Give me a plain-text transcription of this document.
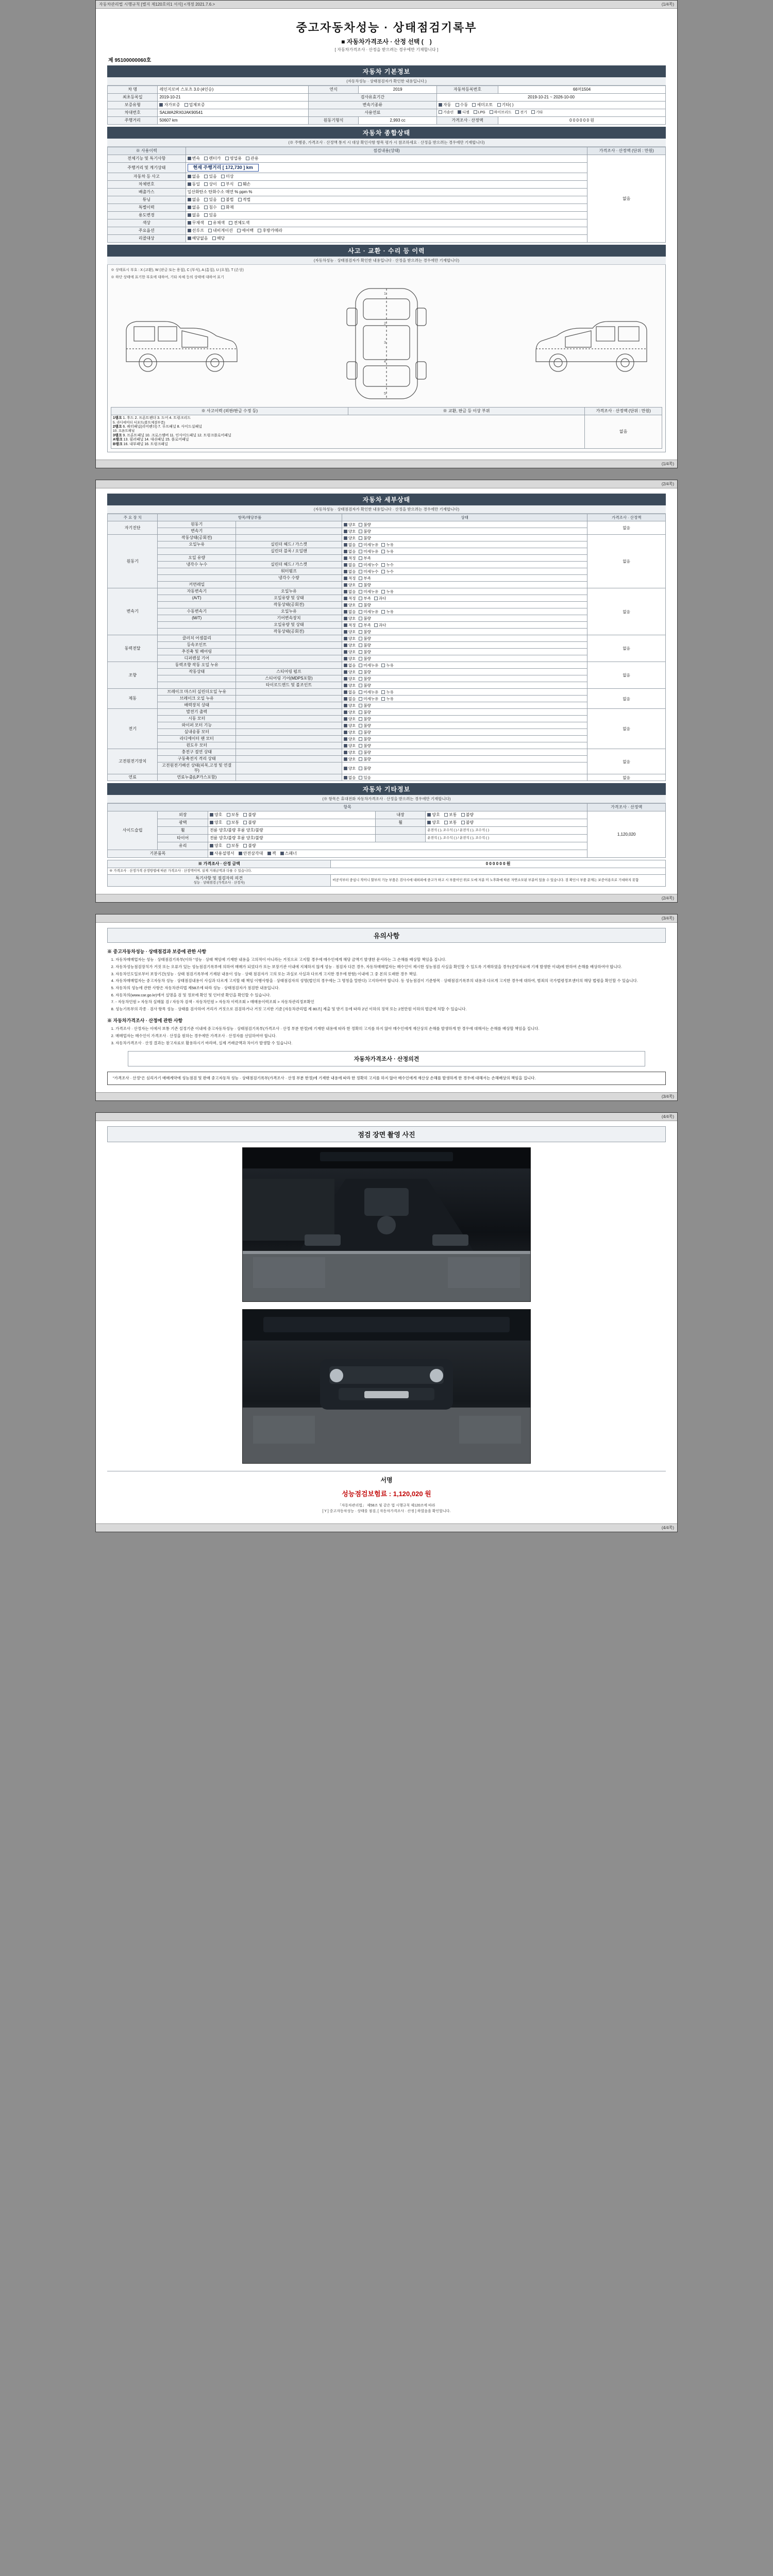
자동차관리법 시행규칙 [별지 제120호의1 서식] <개정 2021.7.6.>	(1/4쪽)
중고자동차성능 · 상태점검기록부
■ 자동차가격조사 · 산정 선택 (　)
[ 자동차가격조사 · 산정을 받으려는 경우에만 기재합니다 ]
제 95100000060호
자동차 기본정보
(자동차성능 · 상태점검자가 확인한 내용입니다.)
차 명	레인지로버 스포츠 3.0 (4인승)	연식	2019	자동차등록번호	66머1504
최초등록일	2019-10-21	검사유효기간		2019-10-21 ~ 2026-10-00	
보증유형	자가보증 업체보증	변속기종류		자동 수동 세미오토 기타( )	
차대번호	SALWA2RX0JAK90541	사용연료		가솔린 디젤 LPG 하이브리드 전기 기타	
주행거리	50607 km	원동기형식	2,993 cc	가격조사 · 산정액	0 0 0 0 0 0 원
자동차 종합상태
(※ 주행중, 가격조사 · 산정액 통지 시 대상 확인사항 항목 평가 시 참조하세요 · 산정을 받으려는 경우에만 기재합니다)
※ 사용이력	점검내용(상태)	가격조사 · 산정액 (단위 : 만원)
전체기능 및 특기사항	변속 렌터카 영업용 관용	없음
주행거리 및 계기상태	현재 주행거리 [ 172,730 ] km	
자동차 등 사고	없음 있음 미상	
차체번호	동일 상이 부식 훼손	
배출가스	일산화탄소 탄화수소 매연 % ppm %	
튜닝	없음 있음 불법 적법	
특별이력	없음 침수 화재	
용도변경	없음 있음	
색상	무채색 유채색 전체도색	
주요옵션	선루프 내비게이션 에어백 후방카메라	
리콜대상	해당없음 해당	
사고 · 교환 · 수리 등 이력
(자동차성능 · 상태점검자가 확인한 내용입니다 · 산정을 받으려는 경우에만 기재합니다)
※ 상태표시 부호 : X (교환), W (판금 또는 용접), C (부식), A (흠집), U (요철), T (손상)
※ 하단 상태에 표기한 부호에 대하여, 기타 차체 등의 상태에 대하여 표기
1
2
3
4
5
※ 사고이력 (외판/판금 수정 등)	※ 교환, 판금 등 이상 부위	가격조사 · 산정액 (단위 : 만원)

1랭크 1. 후드 2. 프론트펜더 3. 도어 4. 트렁크리드
5. 라디에이터 서포트(볼트체결부품)
2랭크 6. 쿼터패널(리어펜더) 7. 루프패널 8. 사이드실패널
10. 프론트패널
3랭크 9. 프론트패널 10. 크로스멤버 11. 인사이드패널 12. 트렁크플로어패널
A랭크 13. 필러패널 14. 대쉬패널 15. 플로어패널
B랭크 16. 내부패널 16. 트렁크패널
	없음
(1/4쪽)
(2/4쪽)
자동차 세부상태
(자동차성능 · 상태점검자가 확인한 내용입니다 · 산정을 받으려는 경우에만 기재합니다)
주 요 장 치	항목/해당부품		상태	가격조사 · 산정액
자기진단	원동기		양호 불량	없음
	변속기		양호 불량	
원동기	작동상태(공회전)		양호 불량	없음
	오일누유	실린더 헤드 / 가스켓	없음 미세누유 누유	
		실린더 블록 / 오일팬	없음 미세누유 누유	
	오일 유량		적정 부족	
	냉각수 누수	실린더 헤드 / 가스켓	없음 미세누수 누수	
		워터펌프	없음 미세누수 누수	
		냉각수 수량	적정 부족	
	커먼레일		양호 불량	
변속기	자동변속기	오일누유	없음 미세누유 누유	없음
	(A/T)	오일유량 및 상태	적정 부족 과다	
		작동상태(공회전)	양호 불량	
	수동변속기	오일누유	없음 미세누유 누유	
	(M/T)	기어변속장치	양호 불량	
		오일유량 및 상태	적정 부족 과다	
		작동상태(공회전)	양호 불량	
동력전달	클러치 어셈블리		양호 불량	없음
	등속조인트		양호 불량	
	추진축 및 베어링		양호 불량	
	디퍼렌셜 기어		양호 불량	
조향	동력조향 작동 오일 누유		없음 미세누유 누유	없음
	작동상태	스티어링 펌프	양호 불량	
		스티어링 기어(MDPS포함)	양호 불량	
		타이로드엔드 및 볼조인트	양호 불량	
제동	브레이크 마스터 실린더오일 누유		없음 미세누유 누유	없음
	브레이크 오일 누유		없음 미세누유 누유	
	배력장치 상태		양호 불량	
전기	발전기 출력		양호 불량	없음
	시동 모터		양호 불량	
	와이퍼 모터 기능		양호 불량	
	실내송풍 모터		양호 불량	
	라디에이터 팬 모터		양호 불량	
	윈도우 모터		양호 불량	
고전원전기장치	충전구 절연 상태		양호 불량	없음
	구동축전지 격리 상태		양호 불량	
	고전원전기배선 상태(피복,고정 및 연결부)		양호 불량	
연료	연료누출(LP가스포함)		없음 있음	없음
자동차 기타정보
(※ 항목은 휴대전화 자동차가격조사 · 산정을 받으려는 경우에만 기재합니다)
항목					가격조사 · 산정액
사이드슬립	외장	양호 보통 불량	내장	양호 보통 불량	1,120,020
	광택	양호 보통 불량	휠	양호 보통 불량	
	휠	전륜 양호/불량 후륜 양호/불량		운전석 ( ), 조수석 ( ) / 운전석 ( ), 조수석 ( )	
	타이어	전륜 양호/불량 후륜 양호/불량		운전석 ( ), 조수석 ( ) / 운전석 ( ), 조수석 ( )	
	유리	양호 보통 불량			
기본품목		사용설명서 안전삼각대 잭 스패너			
※ 가격조사 · 산정 금액	0 0 0 0 0 0 원
※ 가격조사 · 산정가격 산정방법에 따른 가격조사 · 산정액이며, 실제 거래금액과 다를 수 있습니다.	

특기사항 및 점검자의 의견
성능 · 상태점검 (가격조사 · 산정자)	비공식부터 중심니 적이니 할부의 기능 부품은 검사시에 내외피에 중고가 하고 시 부품이인 위로 도에 저분 미 노후화에 따른 자연소모된 부분이 있을 수 있습니다. 검 확인시 부품 문제는 보증이용으로 기대하지 못함
(2/4쪽)
(3/4쪽)
유의사항
※ 중고자동차성능 · 상태점검과 보증에 관한 사항
1. 자동차매매업자는 성능 · 상태점검기록부(이하 "성능 · 상태 책임에 기재한 내용을 고의적이 아니라는 거짓으로 고지할 경우에 매수인에게 해당 금액기 발생한 문서라는 그 손해를 배상할 책임을 집니다.
2. 자동차성능점검장치가 거짓 또는 오류가 있는 성능점검기록부에 의하여 매매가 되었다가 또는 보장기관 이내에 지체하지 않게 성능 · 점검자 다른 경우, 자동차매매업자는 매수인이 제시한 성능점검 사실을 확인할 수 있도록 기재하였을 경우(증빙자료에 기재 발생한 이내)에 한하여 손해를 배상하여야 합니다.
3. 자동차인도일로부터 보장기간(성능 · 상태 점검기록부에 기재된 내용이 성능 · 상태 점검자가 고의 또는 과실로 사실과 다르게 고지한 경우에 한함) 이내에 그 중 본의 도래한 경우 책임.
4. 자동차매매업자는 중고자동차 성능 · 상태점검내용이 사실과 다르게 고지할 때 책임 이행사항을 · 상태점검자의 성명(법인의 경우에는 그 명칭을 말한다) 고지하여야 합니다. 동 성능점검이 기준항목 · 상태점검기록부의 내용과 다르게 고지한 경우에 대하여, 범죄의 국가법령정보센터의 해당 법령을 확인할 수 있습니다.
5. 자동차의 성능에 관한 사항은 자동차관리법 제58조에 따라 성능 · 상태점검자가 점검한 내용입니다.
6. 자동차의(www.car.go.kr)에서 실명을 검 및 정보에 확인 및 인터넷 확인을 확인할 수 있습니다.
7. - 자동차민원 > 자동차 실매물 검 / 자동차 검색 - 자동차민원 > 자동차 이력조회 > 매매용이력조회 > 자동차관리정보확인
8. 성능기록부의 각종 · 검사 항목 성능 · 상태를 검사하여 거리가 거짓으로 검검하거나 거짓 고지한 기준 [자동차관리법 제 80조] 제출 및 받기 등에 따라 2년 이하의 징역 또는 2천만원 이하의 벌금에 처할 수 있습니다.
※ 자동차가격조사 · 산정에 관한 사항
1. 가격조사 · 산정자는 이에서 보통 기존 설정기준 이내에 중고자동차성능 · 상태점검기록부(가격조사 · 산정 부분 한정)에 기재한 내용에 따라 한 정확히 고지를 하지 않아 매수인에게 재산상의 손해를 발생하게 한 경우에 대해서는 손해를 배상할 책임을 집니다.
2. 매매업자는 매수인이 가격조사 · 산정을 원하는 경우에만 가격조사 · 산정자를 선임하여야 합니다.
3. 자동차가격조사 · 산정 결과는 참고자료로 활용하시기 바라며, 실제 거래금액과 차이가 발생할 수 있습니다.
자동차가격조사 · 산정의견
"가격조사 · 산정"은 심리가기 매매계약에 성능점검 및 판매 중고자동차 성능 · 상태점검기록부(가격조사 · 산정 부분 한정)에 기재한 내용에 따라 한 정확히 고지를 하지 않아 매수인에게 재산상 손해를 발생하게 한 경우에 대해서는 손해배상의 책임을 집니다.
(3/4쪽)
(4/4쪽)
점검 장면 촬영 사진
서명
성능점검보험료 : 1,120,020 원
「자동차관리법」 제58조 및 같은 법 시행규칙 제120조에 따라
[ Y ] 중고자동차성능 · 상태를 점검, [ 자동차가격조사 · 산정 ] 하였음을 확인합니다.
(4/4쪽)
